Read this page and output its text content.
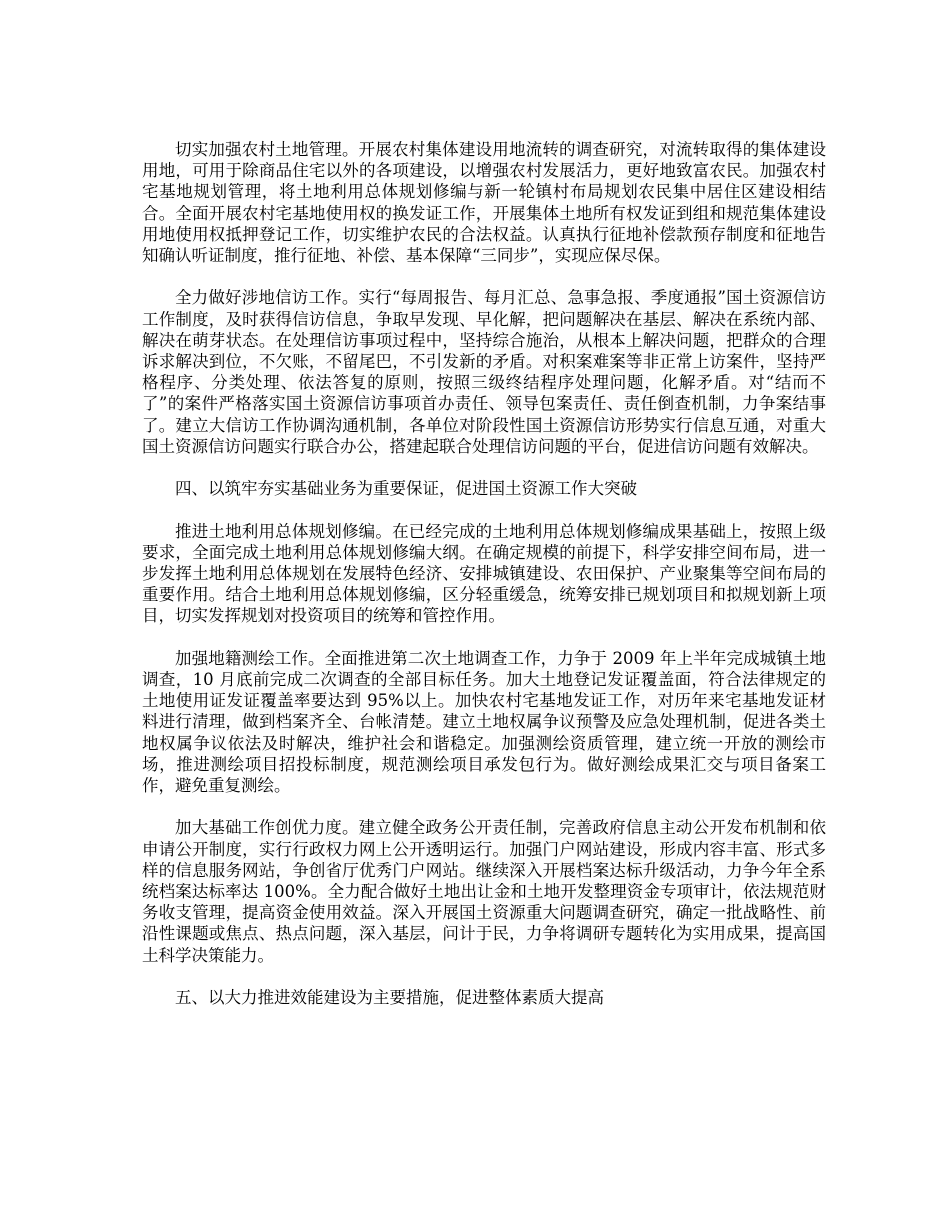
切实加强农村土地管理。开展农村集体建设用地流转的调查研究，对流转取得的集体建设用地，可用于除商品住宅以外的各项建设，以增强农村发展活力，更好地致富农民。加强农村宅基地规划管理，将土地利用总体规划修编与新一轮镇村布局规划农民集中居住区建设相结合。全面开展农村宅基地使用权的换发证工作，开展集体土地所有权发证到组和规范集体建设用地使用权抵押登记工作，切实维护农民的合法权益。认真执行征地补偿款预存制度和征地告知确认听证制度，推行征地、补偿、基本保障“三同步”，实现应保尽保。

全力做好涉地信访工作。实行“每周报告、每月汇总、急事急报、季度通报”国土资源信访工作制度，及时获得信访信息，争取早发现、早化解，把问题解决在基层、解决在系统内部、解决在萌芽状态。在处理信访事项过程中，坚持综合施治，从根本上解决问题，把群众的合理诉求解决到位，不欠账，不留尾巴，不引发新的矛盾。对积案难案等非正常上访案件，坚持严格程序、分类处理、依法答复的原则，按照三级终结程序处理问题，化解矛盾。对“结而不了”的案件严格落实国土资源信访事项首办责任、领导包案责任、责任倒查机制，力争案结事了。建立大信访工作协调沟通机制，各单位对阶段性国土资源信访形势实行信息互通，对重大国土资源信访问题实行联合办公，搭建起联合处理信访问题的平台，促进信访问题有效解决。

四、以筑牢夯实基础业务为重要保证，促进国土资源工作大突破

推进土地利用总体规划修编。在已经完成的土地利用总体规划修编成果基础上，按照上级要求，全面完成土地利用总体规划修编大纲。在确定规模的前提下，科学安排空间布局，进一步发挥土地利用总体规划在发展特色经济、安排城镇建设、农田保护、产业聚集等空间布局的重要作用。结合土地利用总体规划修编，区分轻重缓急，统筹安排已规划项目和拟规划新上项目，切实发挥规划对投资项目的统筹和管控作用。

加强地籍测绘工作。全面推进第二次土地调查工作，力争于 2009 年上半年完成城镇土地调查，10 月底前完成二次调查的全部目标任务。加大土地登记发证覆盖面，符合法律规定的土地使用证发证覆盖率要达到 95%以上。加快农村宅基地发证工作，对历年来宅基地发证材料进行清理，做到档案齐全、台帐清楚。建立土地权属争议预警及应急处理机制，促进各类土地权属争议依法及时解决，维护社会和谐稳定。加强测绘资质管理，建立统一开放的测绘市场，推进测绘项目招投标制度，规范测绘项目承发包行为。做好测绘成果汇交与项目备案工作，避免重复测绘。

加大基础工作创优力度。建立健全政务公开责任制，完善政府信息主动公开发布机制和依申请公开制度，实行行政权力网上公开透明运行。加强门户网站建设，形成内容丰富、形式多样的信息服务网站，争创省厅优秀门户网站。继续深入开展档案达标升级活动，力争今年全系统档案达标率达 100%。全力配合做好土地出让金和土地开发整理资金专项审计，依法规范财务收支管理，提高资金使用效益。深入开展国土资源重大问题调查研究，确定一批战略性、前沿性课题或焦点、热点问题，深入基层，问计于民，力争将调研专题转化为实用成果，提高国土科学决策能力。

五、以大力推进效能建设为主要措施，促进整体素质大提高
